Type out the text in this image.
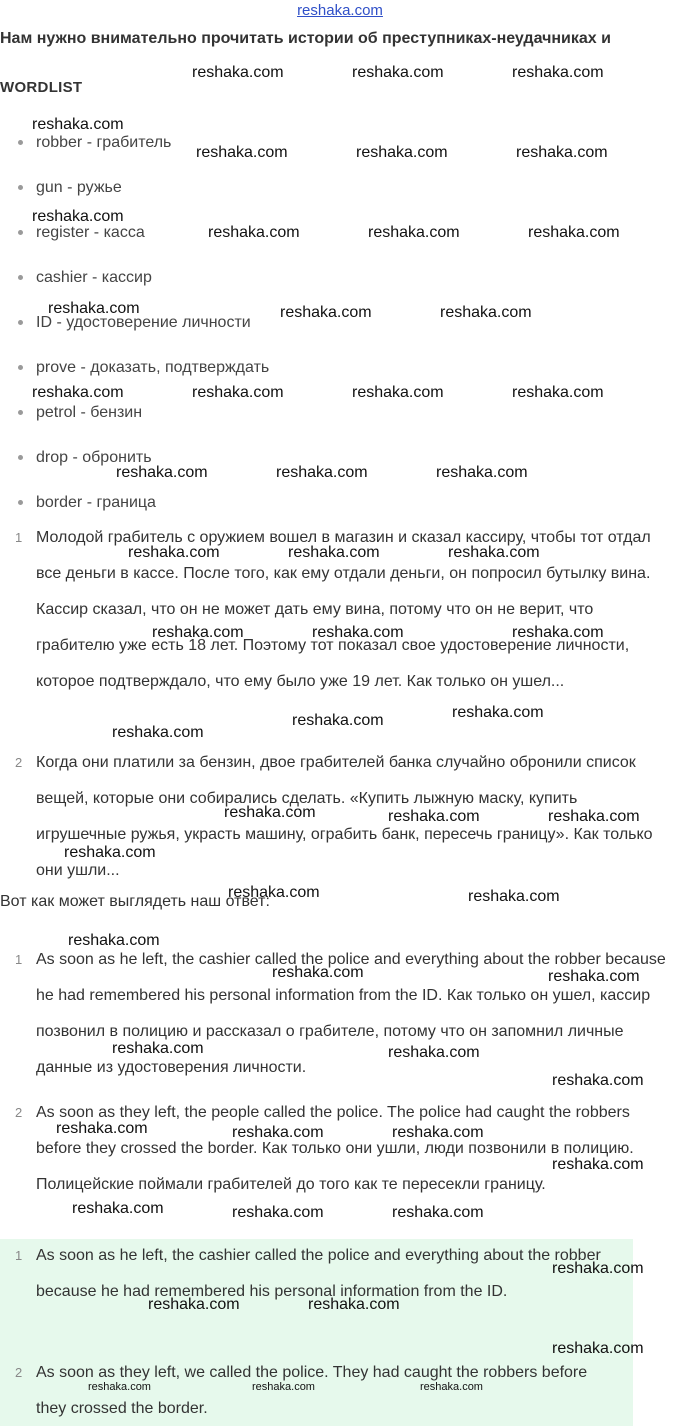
reshaka.com
Нам нужно внимательно прочитать истории об преступниках-неудачниках и
WORDLIST
robber - грабитель
gun - ружье
register - касса
cashier - кассир
ID - удостоверение личности
prove - доказать, подтверждать
petrol - бензин
drop - обронить
border - граница
1 Молодой грабитель с оружием вошел в магазин и сказал кассиру, чтобы тот отдал все деньги в кассе. После того, как ему отдали деньги, он попросил бутылку вина. Кассир сказал, что он не может дать ему вина, потому что он не верит, что грабителю уже есть 18 лет. Поэтому тот показал свое удостоверение личности, которое подтверждало, что ему было уже 19 лет. Как только он ушел...
2 Когда они платили за бензин, двое грабителей банка случайно обронили список вещей, которые они собирались сделать. «Купить лыжную маску, купить игрушечные ружья, украсть машину, ограбить банк, пересечь границу». Как только они ушли...
Вот как может выглядеть наш ответ:
1 As soon as he left, the cashier called the police and everything about the robber because he had remembered his personal information from the ID. Как только он ушел, кассир позвонил в полицию и рассказал о грабителе, потому что он запомнил личные данные из удостоверения личности.
2 As soon as they left, the people called the police. The police had caught the robbers before they crossed the border. Как только они ушли, люди позвонили в полицию. Полицейские поймали грабителей до того как те пересекли границу.
1 As soon as he left, the cashier called the police and everything about the robber because he had remembered his personal information from the ID.
2 As soon as they left, we called the police. They had caught the robbers before they crossed the border.
reshaka.com	reshaka.com	reshaka.com
reshaka.com
reshaka.com	reshaka.com	reshaka.com
reshaka.com
reshaka.com	reshaka.com	reshaka.com
reshaka.com	reshaka.com	reshaka.com
reshaka.com	reshaka.com	reshaka.com	reshaka.com
reshaka.com	reshaka.com	reshaka.com
reshaka.com	reshaka.com	reshaka.com
reshaka.com	reshaka.com	reshaka.com
reshaka.com	reshaka.com
reshaka.com
reshaka.com	reshaka.com	reshaka.com
reshaka.com
reshaka.com	reshaka.com
reshaka.com
reshaka.com	reshaka.com
reshaka.com	reshaka.com
reshaka.com
reshaka.com	reshaka.com	reshaka.com
reshaka.com
reshaka.com	reshaka.com	reshaka.com
reshaka.com
reshaka.com	reshaka.com
reshaka.com
reshaka.com	reshaka.com	reshaka.com
